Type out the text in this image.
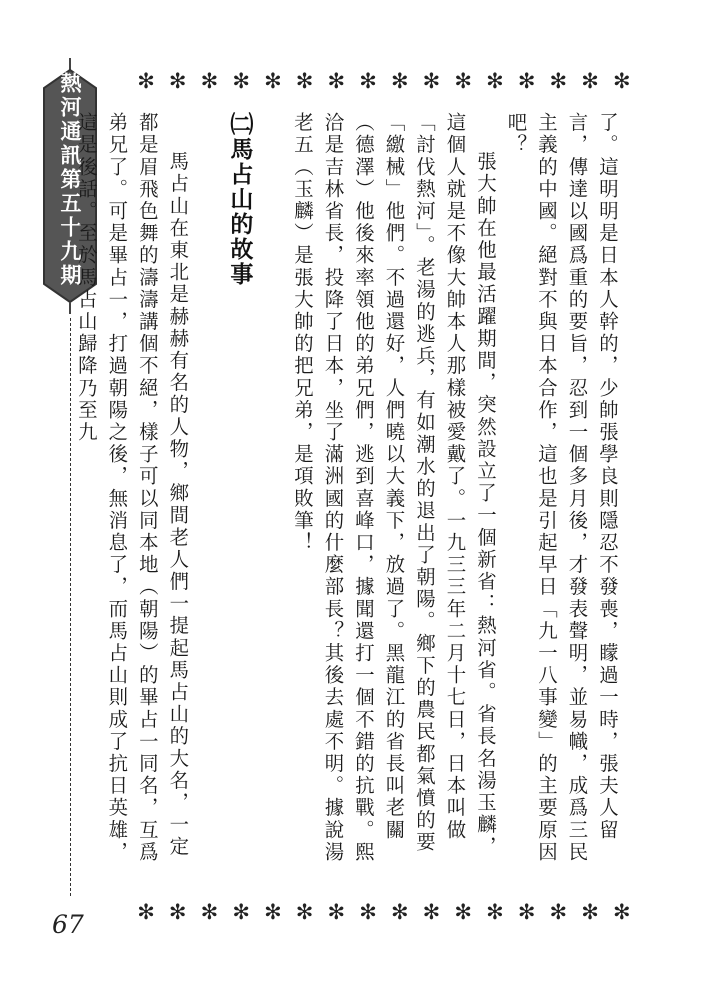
熱河通訊第五十九期
67
✻ ✻ ✻ ✻ ✻ ✻ ✻ ✻ ✻ ✻ ✻ ✻ ✻ ✻ ✻ ✻
✻ ✻ ✻ ✻ ✻ ✻ ✻ ✻ ✻ ✻ ✻ ✻ ✻ ✻ ✻ ✻

了。這明明是日本人幹的，少帥張學良則隱忍不發喪，矇過一時，張夫人留言，傳達以國爲重的要旨，忍到一個多月後，才發表聲明，並易幟，成爲三民主義的中國。絕對不與日本合作，這也是引起早日「九一八事變」的主要原因吧？

張大帥在他最活躍期間，突然設立了一個新省：熱河省。省長名湯玉麟，這個人就是不像大帥本人那樣被愛戴了。一九三三年二月十七日，日本叫做「討伐熱河」。老湯的逃兵，有如潮水的退出了朝陽。鄉下的農民都氣憤的要「繳械」他們。不過還好，人們曉以大義下，放過了。黑龍江的省長叫老關（德澤）他後來率領他的弟兄們，逃到喜峰口，據聞還打一個不錯的抗戰。熙洽是吉林省長，投降了日本，坐了滿洲國的什麼部長？其後去處不明。據說湯老五（玉麟）是張大帥的把兄弟，是項敗筆！

㈡馬占山的故事

馬占山在東北是赫赫有名的人物，鄉間老人們一提起馬占山的大名，一定都是眉飛色舞的濤濤講個不絕，樣子可以同本地（朝陽）的畢占一同名，互爲弟兄了。可是畢占一，打過朝陽之後，無消息了，而馬占山則成了抗日英雄，這是後話。至於馬占山歸降乃至九
